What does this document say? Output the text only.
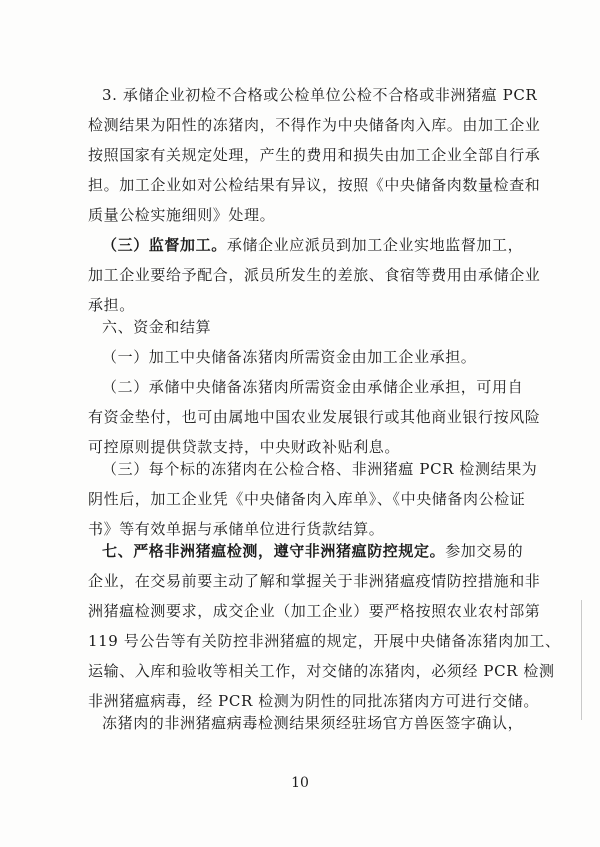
3. 承储企业初检不合格或公检单位公检不合格或非洲猪瘟 PCR
检测结果为阳性的冻猪肉，不得作为中央储备肉入库。由加工企业
按照国家有关规定处理，产生的费用和损失由加工企业全部自行承
担。加工企业如对公检结果有异议，按照《中央储备肉数量检查和
质量公检实施细则》处理。
（三）监督加工。承储企业应派员到加工企业实地监督加工，
加工企业要给予配合，派员所发生的差旅、食宿等费用由承储企业
承担。
六、资金和结算
（一）加工中央储备冻猪肉所需资金由加工企业承担。
（二）承储中央储备冻猪肉所需资金由承储企业承担，可用自
有资金垫付，也可由属地中国农业发展银行或其他商业银行按风险
可控原则提供贷款支持，中央财政补贴利息。
（三）每个标的冻猪肉在公检合格、非洲猪瘟 PCR 检测结果为
阴性后，加工企业凭《中央储备肉入库单》、《中央储备肉公检证
书》等有效单据与承储单位进行货款结算。
七、严格非洲猪瘟检测，遵守非洲猪瘟防控规定。参加交易的
企业，在交易前要主动了解和掌握关于非洲猪瘟疫情防控措施和非
洲猪瘟检测要求，成交企业（加工企业）要严格按照农业农村部第
119 号公告等有关防控非洲猪瘟的规定，开展中央储备冻猪肉加工、
运输、入库和验收等相关工作，对交储的冻猪肉，必须经 PCR 检测
非洲猪瘟病毒，经 PCR 检测为阴性的同批冻猪肉方可进行交储。
冻猪肉的非洲猪瘟病毒检测结果须经驻场官方兽医签字确认，
10
